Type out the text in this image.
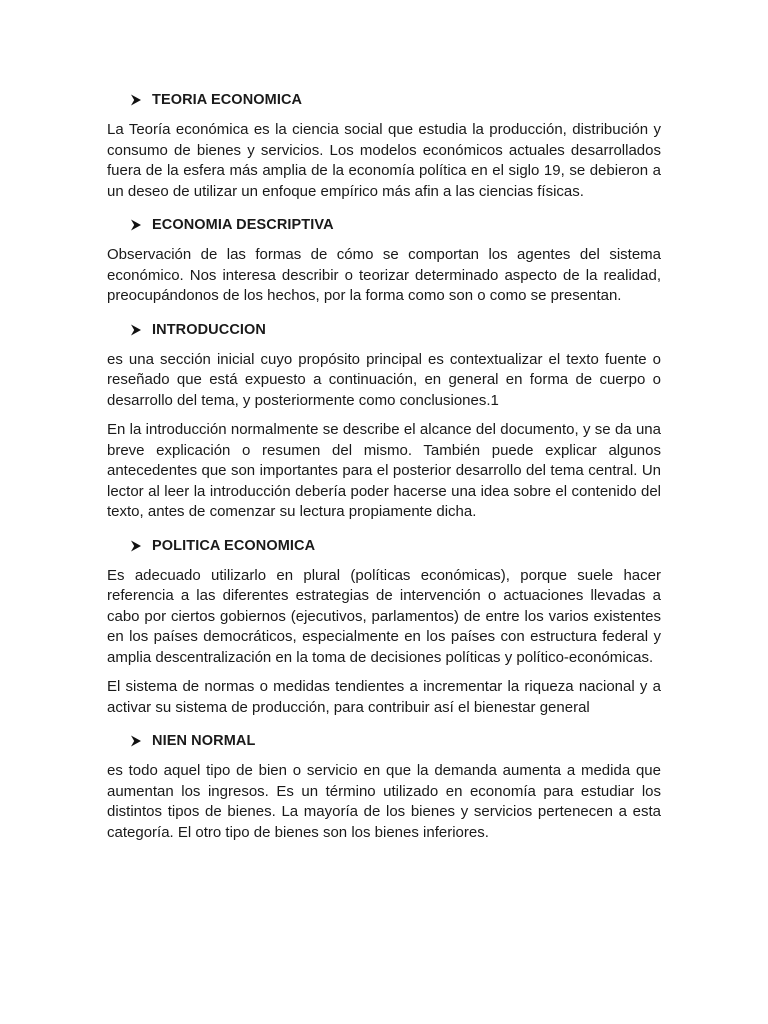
TEORIA ECONOMICA

La Teoría económica es la ciencia social que estudia la producción, distribución y consumo de bienes y servicios. Los modelos económicos actuales desarrollados fuera de la esfera más amplia de la economía política en el siglo 19, se debieron a un deseo de utilizar un enfoque empírico más afin a las ciencias físicas.

ECONOMIA DESCRIPTIVA

Observación de las formas de cómo se comportan los agentes del sistema económico. Nos interesa describir o teorizar determinado aspecto de la realidad, preocupándonos de los hechos, por la forma como son o como se presentan.

INTRODUCCION

es una sección inicial cuyo propósito principal es contextualizar el texto fuente o reseñado que está expuesto a continuación, en general en forma de cuerpo o desarrollo del tema, y posteriormente como conclusiones.1

En la introducción normalmente se describe el alcance del documento, y se da una breve explicación o resumen del mismo. También puede explicar algunos antecedentes que son importantes para el posterior desarrollo del tema central. Un lector al leer la introducción debería poder hacerse una idea sobre el contenido del texto, antes de comenzar su lectura propiamente dicha.

POLITICA ECONOMICA

Es adecuado utilizarlo en plural (políticas económicas), porque suele hacer referencia a las diferentes estrategias de intervención o actuaciones llevadas a cabo por ciertos gobiernos (ejecutivos, parlamentos) de entre los varios existentes en los países democráticos, especialmente en los países con estructura federal y amplia descentralización en la toma de decisiones políticas y político-económicas.

El sistema de normas o medidas tendientes a incrementar la riqueza nacional y a activar su sistema de producción, para contribuir así el bienestar general

NIEN NORMAL

es todo aquel tipo de bien o servicio en que la demanda aumenta a medida que aumentan los ingresos. Es un término utilizado en economía para estudiar los distintos tipos de bienes. La mayoría de los bienes y servicios pertenecen a esta categoría. El otro tipo de bienes son los bienes inferiores.
